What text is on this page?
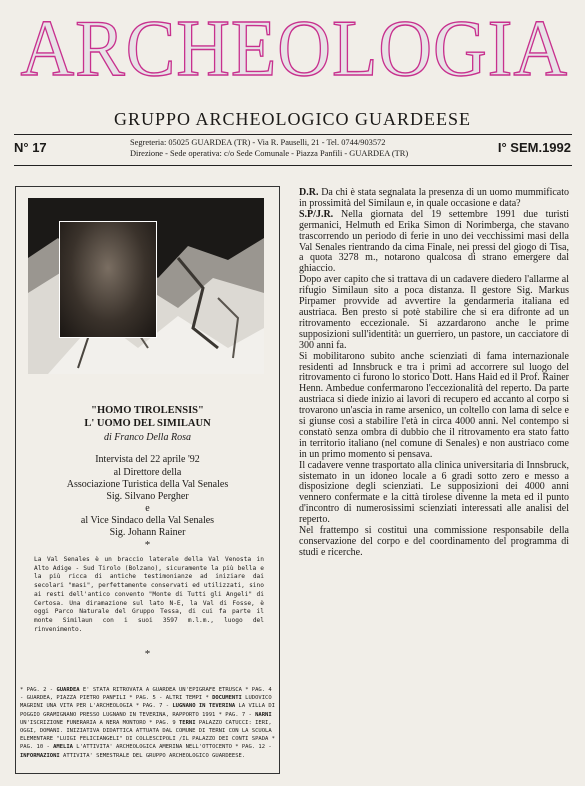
ARCHEOLOGIA
GRUPPO ARCHEOLOGICO GUARDEESE
N° 17	Segreteria: 05025 GUARDEA (TR) - Via R. Pauselli, 21 - Tel. 0744/903572
Direzione - Sede operativa: c/o Sede Comunale - Piazza Panfili - GUARDEA (TR)	I° SEM.1992
"HOMO TIROLENSIS"
L' UOMO DEL SIMILAUN
di Franco Della Rosa
Intervista del 22 aprile '92
al Direttore della
Associazione Turistica della Val Senales
Sig. Silvano Pergher
e
al Vice Sindaco della Val Senales
Sig. Johann Rainer
*
La Val Senales è un braccio laterale della Val Venosta in Alto Adige - Sud Tirolo (Bolzano), sicuramente la più bella e la più ricca di antiche testimonianze ad iniziare dai secolari "masi", perfettamente conservati ed utilizzati, sino ai resti dell'antico convento "Monte di Tutti gli Angeli" di Certosa. Una diramazione sul lato N-E, la Val di Fosse, è oggi Parco Naturale del Gruppo Tessa, di cui fa parte il monte Similaun con i suoi 3597 m.l.m., luogo del rinvenimento.
*
* PAG. 2 - GUARDEA E' STATA RITROVATA A GUARDEA UN'EPIGRAFE ETRUSCA * PAG. 4 - GUARDEA, PIAZZA PIETRO PANFILI * PAG. 5 - ALTRI TEMPI * DOCUMENTI LUDOVICO MAGRINI UNA VITA PER L'ARCHEOLOGIA * PAG. 7 - LUGNANO IN TEVERINA LA VILLA DI POGGIO GRAMIGNANO PRESSO LUGNANO IN TEVERINA, RAPPORTO 1991 * PAG. 7 - NARNI UN'ISCRIZIONE FUNERARIA A NERA MONTORO * PAG. 9 TERNI PALAZZO CATUCCI: IERI, OGGI, DOMANI. INIZIATIVA DIDATTICA ATTUATA DAL COMUNE DI TERNI CON LA SCUOLA ELEMENTARE "LUIGI FELICIANGELI" DI COLLESCIPOLI /IL PALAZZO DEI CONTI SPADA * PAG. 10 - AMELIA L'ATTIVITA' ARCHEOLOGICA AMERINA NELL'OTTOCENTO * PAG. 12 - INFORMAZIONI ATTIVITA' SEMESTRALE DEL GRUPPO ARCHEOLOGICO GUARDEESE.

D.R. Da chi è stata segnalata la presenza di un uomo mummificato in prossimità del Similaun e, in quale occasione e data?

S.P/J.R. Nella giornata del 19 settembre 1991 due turisti germanici, Helmuth ed Erika Simon di Norimberga, che stavano trascorrendo un periodo di ferie in uno dei vecchissimi masi della Val Senales rientrando da cima Finale, nei pressi del giogo di Tisa, a quota 3278 m., notarono qualcosa di strano emergere dal ghiaccio.

Dopo aver capito che si trattava di un cadavere diedero l'allarme al rifugio Similaun sito a poca distanza. Il gestore Sig. Markus Pirpamer provvide ad avvertire la gendarmeria italiana ed austriaca. Ben presto si potè stabilire che si era difronte ad un ritrovamento eccezionale. Si azzardarono anche le prime supposizioni sull'identità: un guerriero, un pastore, un cacciatore di 300 anni fa.

Si mobilitarono subito anche scienziati di fama internazionale residenti ad Innsbruck e tra i primi ad accorrere sul luogo del ritrovamento ci furono lo storico Dott. Hans Haid ed il Prof. Rainer Henn. Ambedue confermarono l'eccezionalità del reperto. Da parte austriaca si diede inizio ai lavori di recupero ed accanto al corpo si trovarono un'ascia in rame arsenico, un coltello con lama di selce e si giunse così a stabilire l'età in circa 4000 anni. Nel contempo si constatò senza ombra di dubbio che il ritrovamento era stato fatto in territorio italiano (nel comune di Senales) e non austriaco come in un primo momento si pensava.

Il cadavere venne trasportato alla clinica universitaria di Innsbruck, sistemato in un idoneo locale a 6 gradi sotto zero e messo a disposizione degli scienziati. Le supposizioni dei 4000 anni vennero confermate e la città tirolese divenne la meta ed il punto d'incontro di numerosissimi scienziati interessati alle analisi del reperto.

Nel frattempo si costituì una commissione responsabile della conservazione del corpo e del coordinamento del programma di studi e ricerche.
